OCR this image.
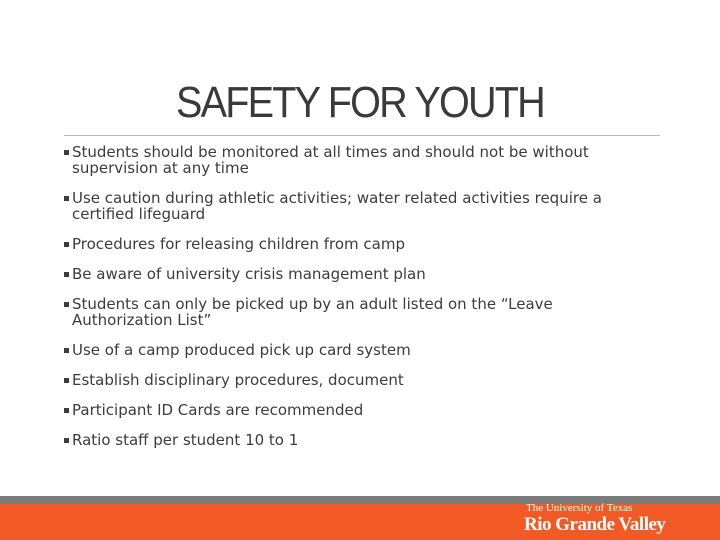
SAFETY FOR YOUTH
Students should be monitored at all times and should not be without supervision at any time
Use caution during athletic activities; water related activities require a certified lifeguard
Procedures for releasing children from camp
Be aware of university crisis management plan
Students can only be picked up by an adult listed on the “Leave Authorization List”
Use of a camp produced pick up card system
Establish disciplinary procedures, document
Participant ID Cards are recommended
Ratio staff per student 10 to 1
The University of Texas
Rio Grande Valley
